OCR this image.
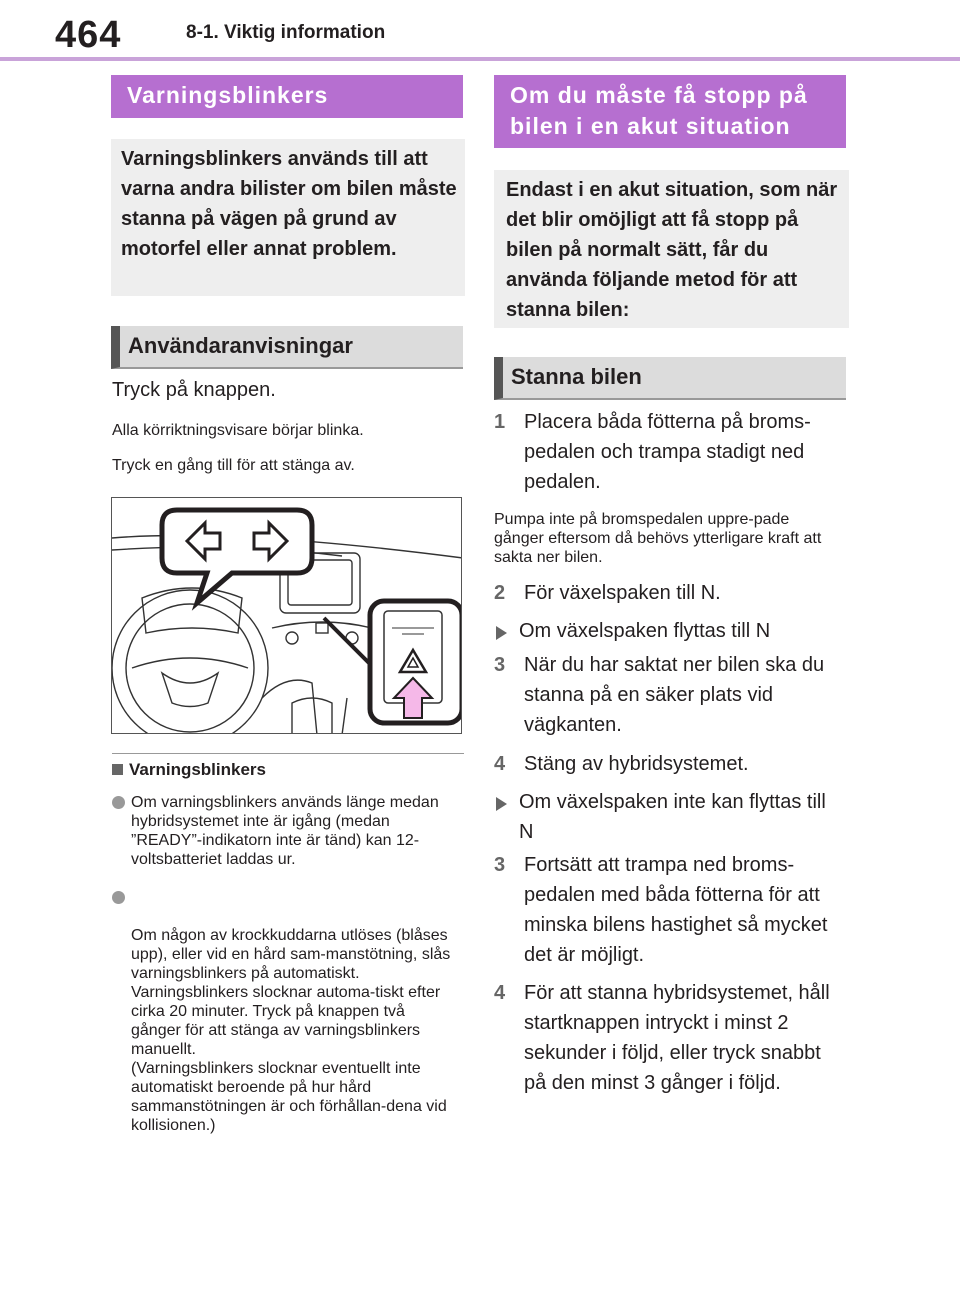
464	8-1. Viktig information
Varningsblinkers
Varningsblinkers används till att varna andra bilister om bilen måste stanna på vägen på grund av motorfel eller annat problem.
Användaranvisningar
Tryck på knappen.
Alla körriktningsvisare börjar blinka.
Tryck en gång till för att stänga av.
Varningsblinkers
Om varningsblinkers används länge medan hybridsystemet inte är igång (medan ”READY”-indikatorn inte är tänd) kan 12-voltsbatteriet laddas ur.

Om någon av krockkuddarna utlöses (blåses upp), eller vid en hård sam-manstötning, slås varningsblinkers på automatiskt.
Varningsblinkers slocknar automa-tiskt efter cirka 20 minuter. Tryck på knappen två gånger för att stänga av varningsblinkers manuellt.
(Varningsblinkers slocknar eventuellt inte automatiskt beroende på hur hård sammanstötningen är och förhållan-dena vid kollisionen.)

Om du måste få stopp på bilen i en akut situation
Endast i en akut situation, som när det blir omöjligt att få stopp på bilen på normalt sätt, får du använda följande metod för att stanna bilen:
Stanna bilen
1 Placera båda fötterna på broms-pedalen och trampa stadigt ned pedalen.
Pumpa inte på bromspedalen uppre-pade gånger eftersom då behövs ytterligare kraft att sakta ner bilen.
2 För växelspaken till N.
Om växelspaken flyttas till N
3 När du har saktat ner bilen ska du stanna på en säker plats vid vägkanten.
4 Stäng av hybridsystemet.
Om växelspaken inte kan flyttas till N
3 Fortsätt att trampa ned broms-pedalen med båda fötterna för att minska bilens hastighet så mycket det är möjligt.
4 För att stanna hybridsystemet, håll startknappen intryckt i minst 2 sekunder i följd, eller tryck snabbt på den minst 3 gånger i följd.
